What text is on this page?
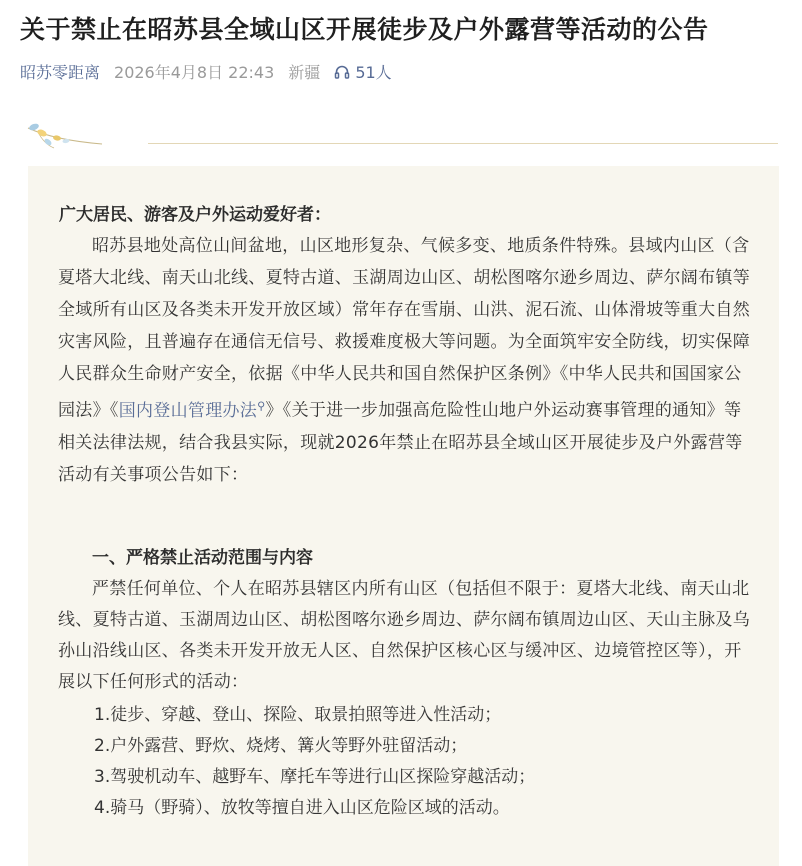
关于禁止在昭苏县全域山区开展徒步及户外露营等活动的公告
昭苏零距离 2026年4月8日 22:43 新疆 51人

广大居民、游客及户外运动爱好者：

昭苏县地处高位山间盆地，山区地形复杂、气候多变、地质条件特殊。县域内山区（含夏塔大北线、南天山北线、夏特古道、玉湖周边山区、胡松图喀尔逊乡周边、萨尔阔布镇等全域所有山区及各类未开发开放区域）常年存在雪崩、山洪、泥石流、山体滑坡等重大自然灾害风险，且普遍存在通信无信号、救援难度极大等问题。为全面筑牢安全防线，切实保障人民群众生命财产安全，依据《中华人民共和国自然保护区条例》《中华人民共和国国家公园法》《国内登山管理办法⚲》《关于进一步加强高危险性山地户外运动赛事管理的通知》等相关法律法规，结合我县实际，现就2026年禁止在昭苏县全域山区开展徒步及户外露营等活动有关事项公告如下：

一、严格禁止活动范围与内容

严禁任何单位、个人在昭苏县辖区内所有山区（包括但不限于：夏塔大北线、南天山北线、夏特古道、玉湖周边山区、胡松图喀尔逊乡周边、萨尔阔布镇周边山区、天山主脉及乌孙山沿线山区、各类未开发开放无人区、自然保护区核心区与缓冲区、边境管控区等），开展以下任何形式的活动：

1.徒步、穿越、登山、探险、取景拍照等进入性活动；
2.户外露营、野炊、烧烤、篝火等野外驻留活动；
3.驾驶机动车、越野车、摩托车等进行山区探险穿越活动；
4.骑马（野骑）、放牧等擅自进入山区危险区域的活动。
